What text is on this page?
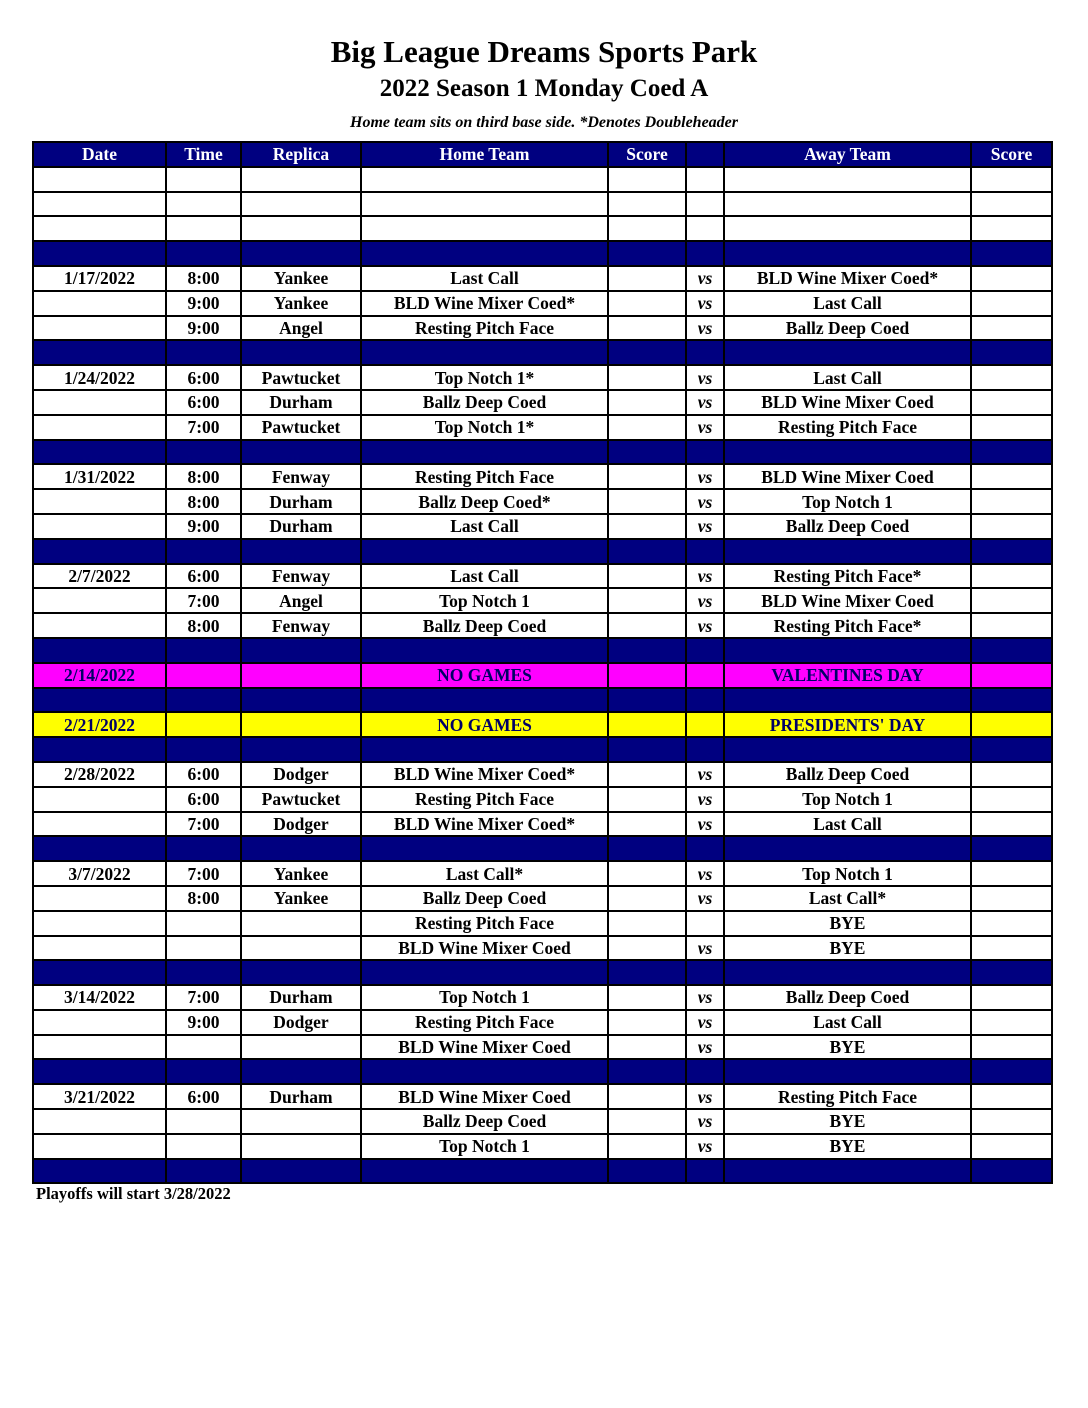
Big League Dreams Sports Park
2022 Season 1 Monday Coed A
Home team sits on third base side. *Denotes Doubleheader
Date	Time	Replica	Home Team	Score		Away Team	Score

1/17/2022	8:00	Yankee	Last Call		vs	BLD Wine Mixer Coed*	
	9:00	Yankee	BLD Wine Mixer Coed*		vs	Last Call	
	9:00	Angel	Resting Pitch Face		vs	Ballz Deep Coed	

1/24/2022	6:00	Pawtucket	Top Notch 1*		vs	Last Call	
	6:00	Durham	Ballz Deep Coed		vs	BLD Wine Mixer Coed	
	7:00	Pawtucket	Top Notch 1*		vs	Resting Pitch Face	

1/31/2022	8:00	Fenway	Resting Pitch Face		vs	BLD Wine Mixer Coed	
	8:00	Durham	Ballz Deep Coed*		vs	Top Notch 1	
	9:00	Durham	Last Call		vs	Ballz Deep Coed	

2/7/2022	6:00	Fenway	Last Call		vs	Resting Pitch Face*	
	7:00	Angel	Top Notch 1		vs	BLD Wine Mixer Coed	
	8:00	Fenway	Ballz Deep Coed		vs	Resting Pitch Face*	

2/14/2022			NO GAMES			VALENTINES DAY	

2/21/2022			NO GAMES			PRESIDENTS' DAY	

2/28/2022	6:00	Dodger	BLD Wine Mixer Coed*		vs	Ballz Deep Coed	
	6:00	Pawtucket	Resting Pitch Face		vs	Top Notch 1	
	7:00	Dodger	BLD Wine Mixer Coed*		vs	Last Call	

3/7/2022	7:00	Yankee	Last Call*		vs	Top Notch 1	
	8:00	Yankee	Ballz Deep Coed		vs	Last Call*	
			Resting Pitch Face			BYE	
			BLD Wine Mixer Coed		vs	BYE	

3/14/2022	7:00	Durham	Top Notch 1		vs	Ballz Deep Coed	
	9:00	Dodger	Resting Pitch Face		vs	Last Call	
			BLD Wine Mixer Coed		vs	BYE	

3/21/2022	6:00	Durham	BLD Wine Mixer Coed		vs	Resting Pitch Face	
			Ballz Deep Coed		vs	BYE	
			Top Notch 1		vs	BYE	

Playoffs will start 3/28/2022
